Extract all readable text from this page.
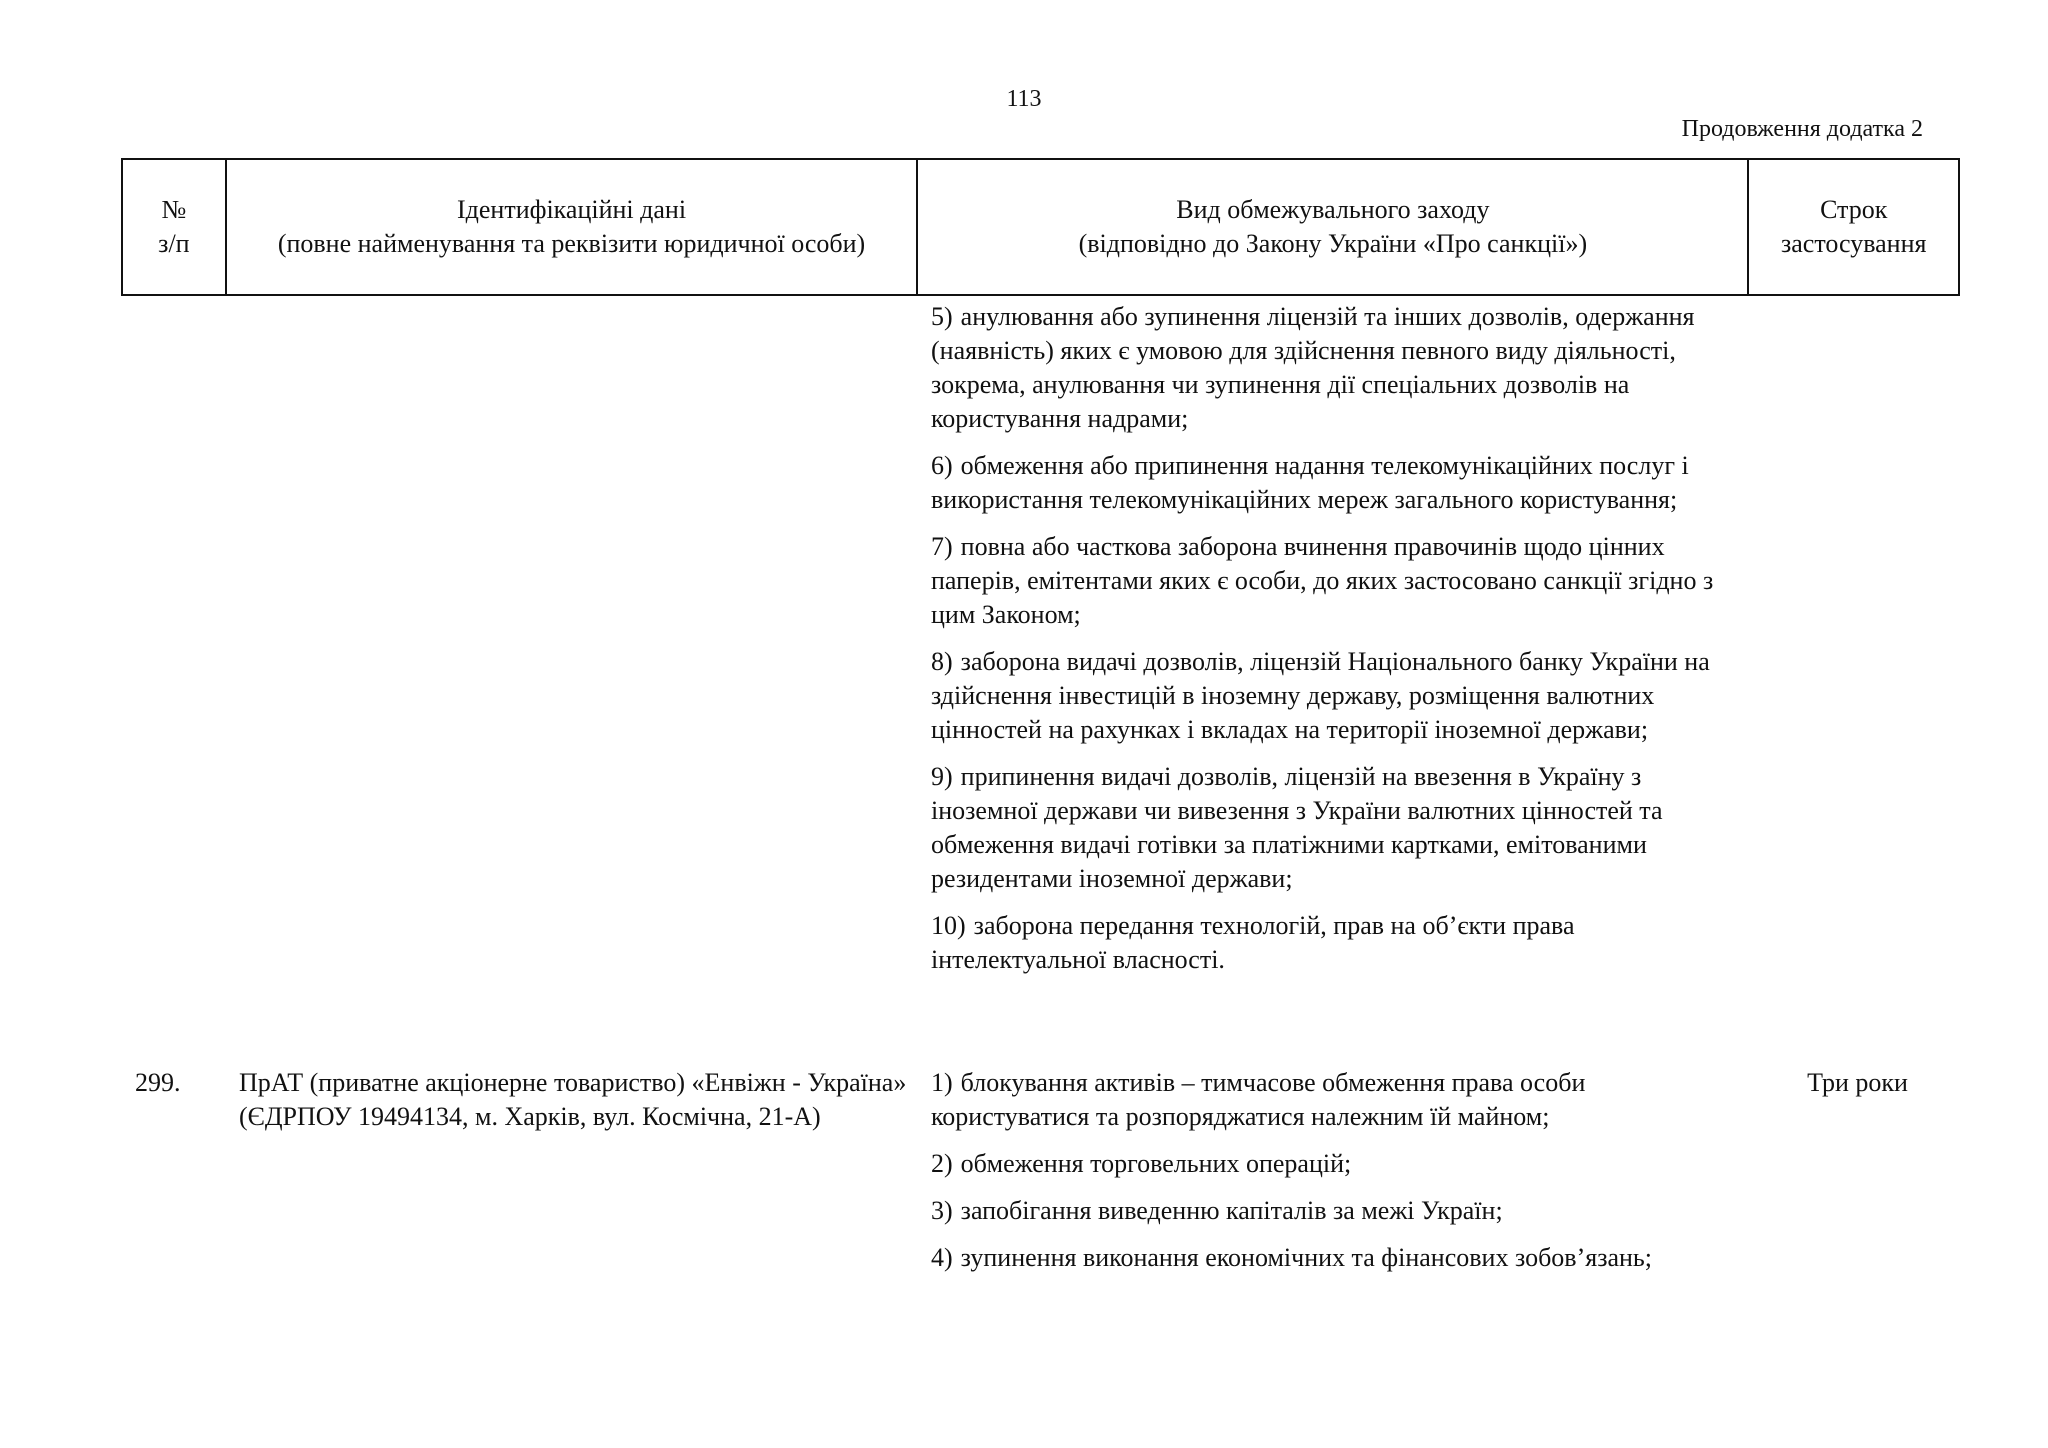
113
Продовження додатка 2
№
з/п
Ідентифікаційні дані
(повне найменування та реквізити юридичної особи)
Вид обмежувального заходу
(відповідно до Закону України «Про санкції»)
Строк
застосування
5) анулювання або зупинення ліцензій та інших дозволів, одержання (наявність) яких є умовою для здійснення певного виду діяльності, зокрема, анулювання чи зупинення дії спеціальних дозволів на користування надрами;
6) обмеження або припинення надання телекомунікаційних послуг і використання телекомунікаційних мереж загального користування;
7) повна або часткова заборона вчинення правочинів щодо цінних паперів, емітентами яких є особи, до яких застосовано санкції згідно з цим Законом;
8) заборона видачі дозволів, ліцензій Національного банку України на здійснення інвестицій в іноземну державу, розміщення валютних цінностей на рахунках і вкладах на території іноземної держави;
9) припинення видачі дозволів, ліцензій на ввезення в Україну з іноземної держави чи вивезення з України валютних цінностей та обмеження видачі готівки за платіжними картками, емітованими резидентами іноземної держави;
10) заборона передання технологій, прав на об’єкти права інтелектуальної власності.
299.	ПрАТ (приватне акціонерне товариство) «Енвіжн - Україна» (ЄДРПОУ 19494134, м. Харків, вул. Космічна, 21-А)
Три роки
1) блокування активів – тимчасове обмеження права особи користуватися та розпоряджатися належним їй майном;
2) обмеження торговельних операцій;
3) запобігання виведенню капіталів за межі Україн;
4) зупинення виконання економічних та фінансових зобов’язань;
